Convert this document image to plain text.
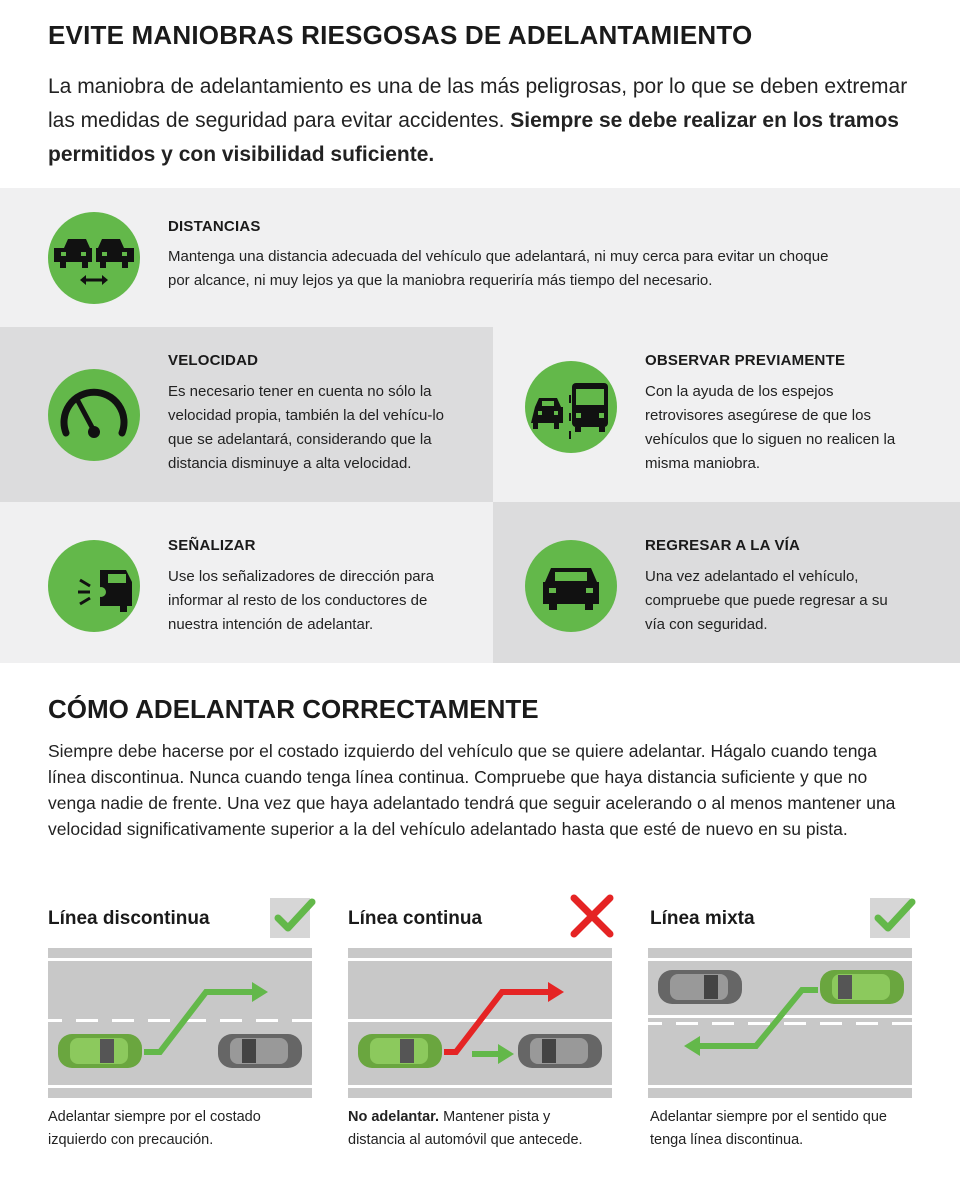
EVITE MANIOBRAS RIESGOSAS DE ADELANTAMIENTO

La maniobra de adelantamiento es una de las más peligrosas, por lo que se deben extremar las medidas de seguridad para evitar accidentes. Siempre se debe realizar en los tramos permitidos y con visibilidad suficiente.

DISTANCIAS

Mantenga una distancia adecuada del vehículo que adelantará, ni muy cerca para evitar un choque por alcance, ni muy lejos ya que la maniobra requeriría más tiempo del necesario.

VELOCIDAD

Es necesario tener en cuenta no sólo la velocidad propia, también la del vehícu-lo que se adelantará, considerando que la distancia disminuye a alta velocidad.

OBSERVAR PREVIAMENTE

Con la ayuda de los espejos retrovisores asegúrese de que los vehículos que lo siguen no realicen la misma maniobra.

SEÑALIZAR

Use los señalizadores de dirección para informar al resto de los conductores de nuestra intención de adelantar.

REGRESAR A LA VÍA

Una vez adelantado el vehículo, compruebe que puede regresar a su vía con seguridad.

CÓMO ADELANTAR CORRECTAMENTE

Siempre debe hacerse por el costado izquierdo del vehículo que se quiere adelantar. Hágalo cuando tenga línea discontinua. Nunca cuando tenga línea continua. Compruebe que haya distancia suficiente y que no venga nadie de frente. Una vez que haya adelantado tendrá que seguir acelerando o al menos mantener una velocidad significativamente superior a la del vehículo adelantado hasta que esté de nuevo en su pista.

Línea discontinua

Adelantar siempre por el costado izquierdo con precaución.

Línea continua

No adelantar. Mantener pista y distancia al automóvil que antecede.

Línea mixta

Adelantar siempre por el sentido que tenga línea discontinua.
